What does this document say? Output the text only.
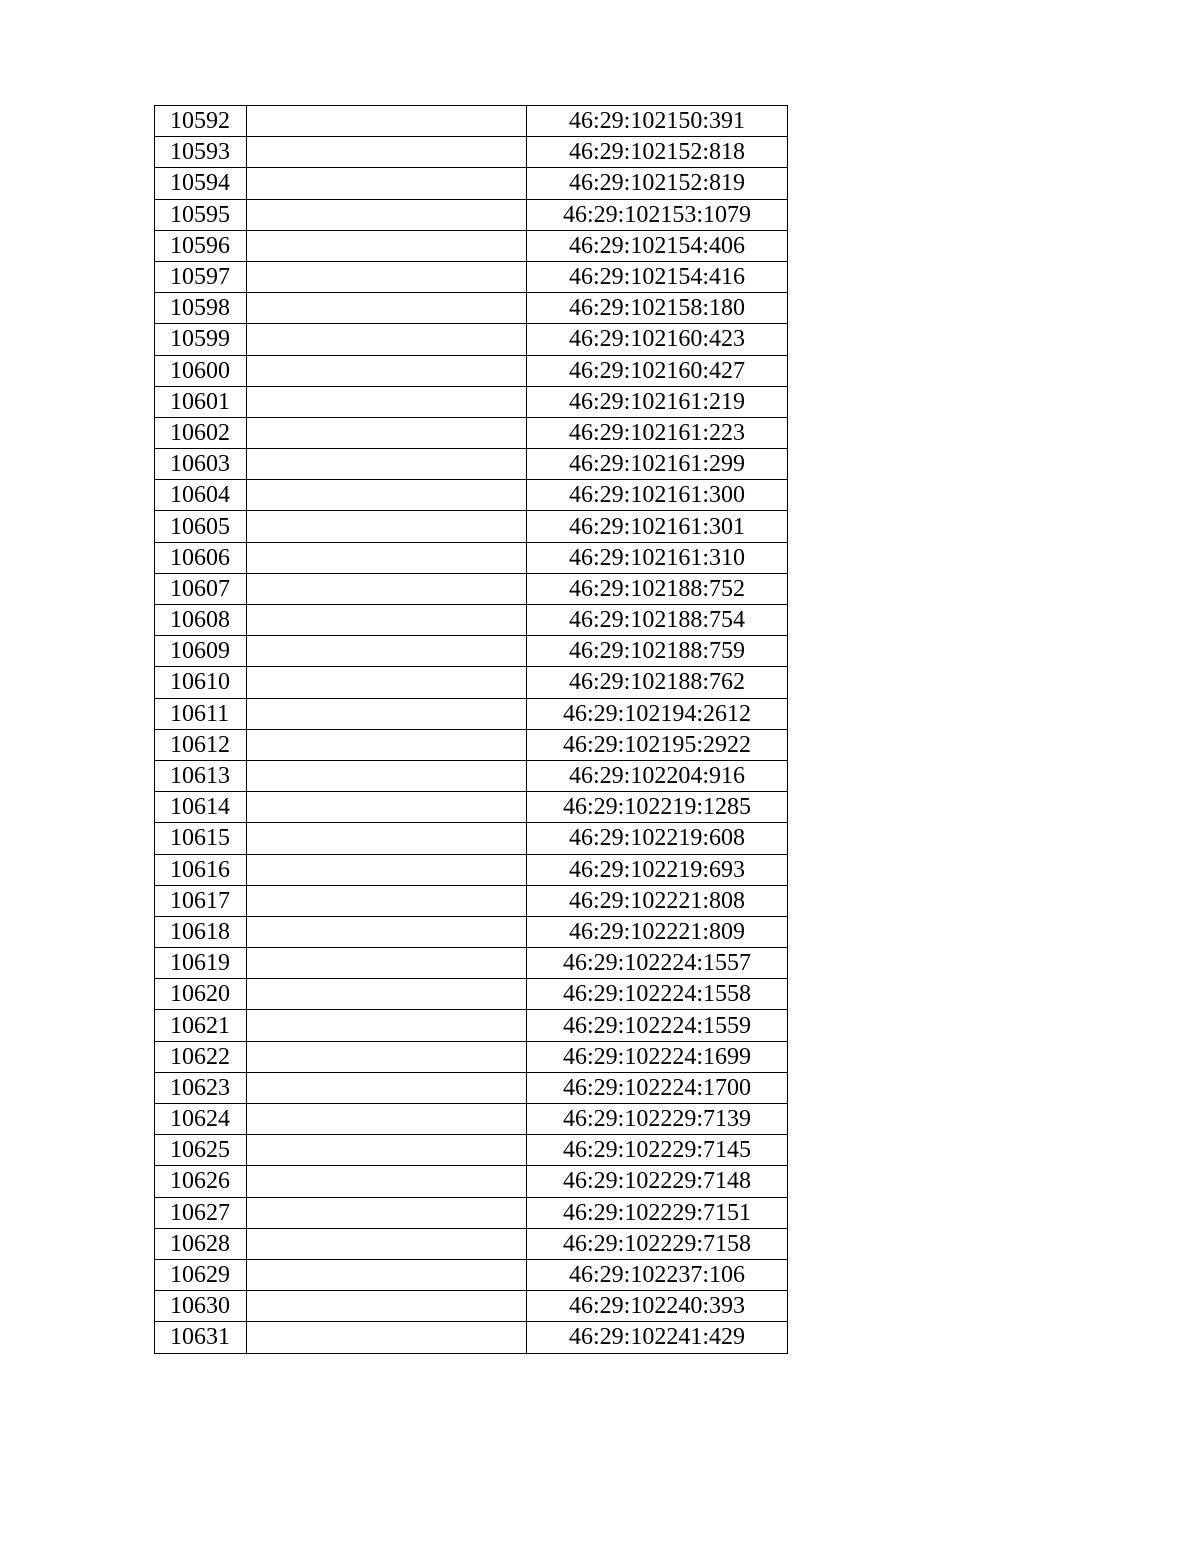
10592		46:29:102150:391
10593		46:29:102152:818
10594		46:29:102152:819
10595		46:29:102153:1079
10596		46:29:102154:406
10597		46:29:102154:416
10598		46:29:102158:180
10599		46:29:102160:423
10600		46:29:102160:427
10601		46:29:102161:219
10602		46:29:102161:223
10603		46:29:102161:299
10604		46:29:102161:300
10605		46:29:102161:301
10606		46:29:102161:310
10607		46:29:102188:752
10608		46:29:102188:754
10609		46:29:102188:759
10610		46:29:102188:762
10611		46:29:102194:2612
10612		46:29:102195:2922
10613		46:29:102204:916
10614		46:29:102219:1285
10615		46:29:102219:608
10616		46:29:102219:693
10617		46:29:102221:808
10618		46:29:102221:809
10619		46:29:102224:1557
10620		46:29:102224:1558
10621		46:29:102224:1559
10622		46:29:102224:1699
10623		46:29:102224:1700
10624		46:29:102229:7139
10625		46:29:102229:7145
10626		46:29:102229:7148
10627		46:29:102229:7151
10628		46:29:102229:7158
10629		46:29:102237:106
10630		46:29:102240:393
10631		46:29:102241:429
